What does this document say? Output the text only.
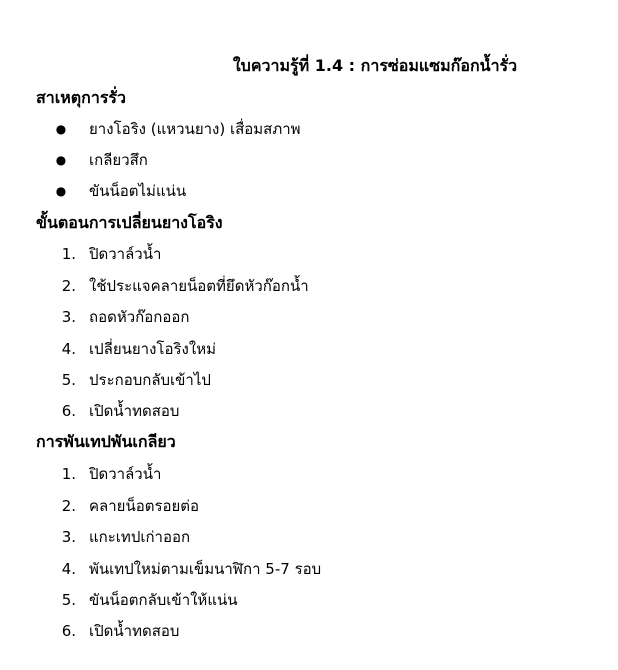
ใบความรู้ที่ 1.4 : การซ่อมแซมก๊อกน้ำรั่ว
สาเหตุการรั่ว
● ยางโอริง (แหวนยาง) เสื่อมสภาพ
● เกลียวสึก
● ขันน็อตไม่แน่น
ขั้นตอนการเปลี่ยนยางโอริง
1. ปิดวาล์วน้ำ
2. ใช้ประแจคลายน็อตที่ยึดหัวก๊อกน้ำ
3. ถอดหัวก๊อกออก
4. เปลี่ยนยางโอริงใหม่
5. ประกอบกลับเข้าไป
6. เปิดน้ำทดสอบ
การพันเทปพันเกลียว
1. ปิดวาล์วน้ำ
2. คลายน็อตรอยต่อ
3. แกะเทปเก่าออก
4. พันเทปใหม่ตามเข็มนาฬิกา 5-7 รอบ
5. ขันน็อตกลับเข้าให้แน่น
6. เปิดน้ำทดสอบ
